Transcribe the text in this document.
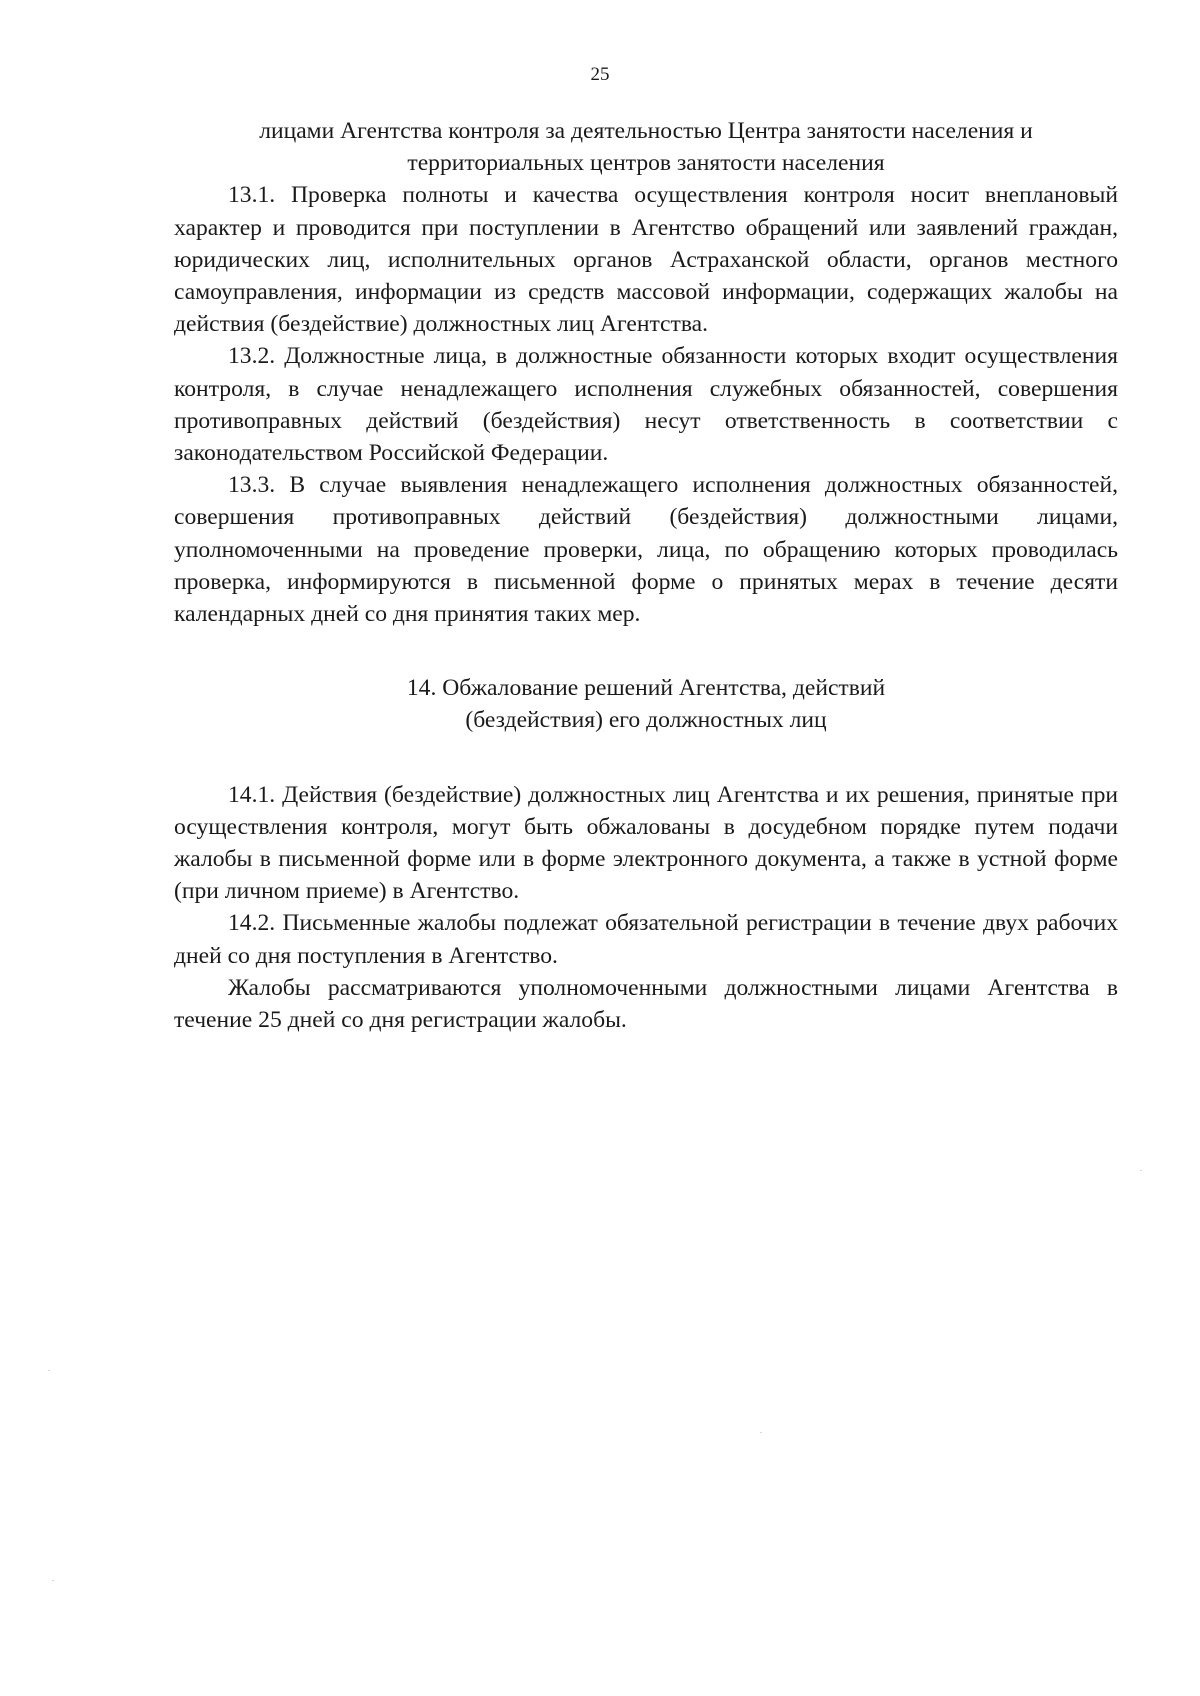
25

лицами Агентства контроля за деятельностью Центра занятости населения и
территориальных центров занятости населения

13.1. Проверка полноты и качества осуществления контроля носит внеплановый характер и проводится при поступлении в Агентство обращений или заявлений граждан, юридических лиц, исполнительных органов Астраханской области, органов местного самоуправления, информации из средств массовой информации, содержащих жалобы на действия (бездействие) должностных лиц Агентства.

13.2. Должностные лица, в должностные обязанности которых входит осуществления контроля, в случае ненадлежащего исполнения служебных обязанностей, совершения противоправных действий (бездействия) несут ответственность в соответствии с законодательством Российской Федерации.

13.3. В случае выявления ненадлежащего исполнения должностных обязанностей, совершения противоправных действий (бездействия) должностными лицами, уполномоченными на проведение проверки, лица, по обращению которых проводилась проверка, информируются в письменной форме о принятых мерах в течение десяти календарных дней со дня принятия таких мер.

14. Обжалование решений Агентства, действий
(бездействия) его должностных лиц

14.1. Действия (бездействие) должностных лиц Агентства и их решения, принятые при осуществления контроля, могут быть обжалованы в досудебном порядке путем подачи жалобы в письменной форме или в форме электронного документа, а также в устной форме (при личном приеме) в Агентство.

14.2. Письменные жалобы подлежат обязательной регистрации в течение двух рабочих дней со дня поступления в Агентство.

Жалобы рассматриваются уполномоченными должностными лицами Агентства в течение 25 дней со дня регистрации жалобы.
